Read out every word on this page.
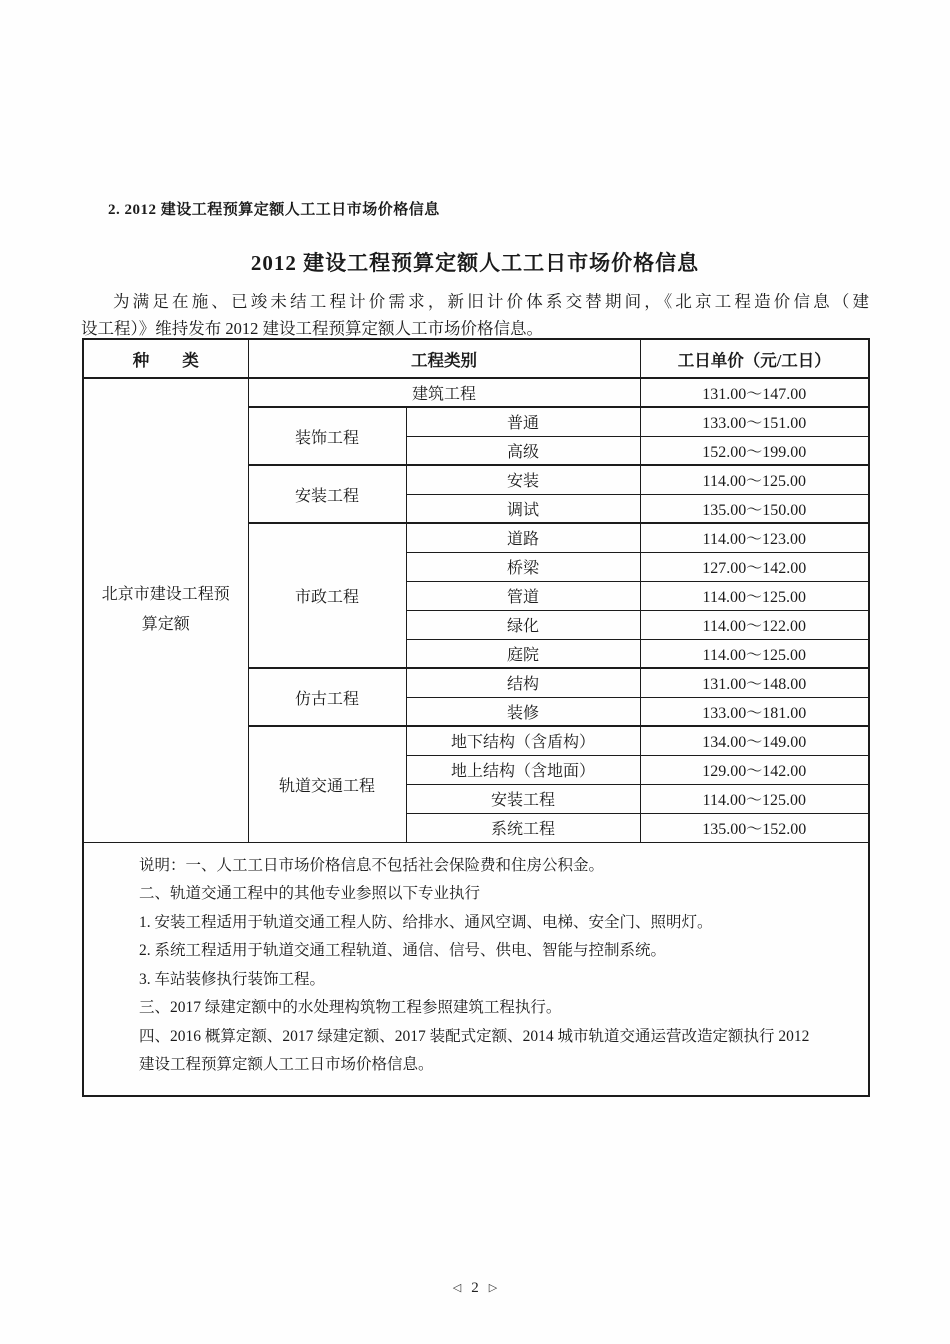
2. 2012 建设工程预算定额人工工日市场价格信息
2012 建设工程预算定额人工工日市场价格信息
为满足在施、已竣未结工程计价需求，新旧计价体系交替期间，《北京工程造价信息（建
设工程）》维持发布 2012 建设工程预算定额人工市场价格信息。
种　　类	工程类别		工日单价（元/工日）
北京市建设工程预算定额	建筑工程		131.00～147.00
	装饰工程	普通	133.00～151.00
		高级	152.00～199.00
	安装工程	安装	114.00～125.00
		调试	135.00～150.00
	市政工程	道路	114.00～123.00
		桥梁	127.00～142.00
		管道	114.00～125.00
		绿化	114.00～122.00
		庭院	114.00～125.00
	仿古工程	结构	131.00～148.00
		装修	133.00～181.00
	轨道交通工程	地下结构（含盾构）	134.00～149.00
		地上结构（含地面）	129.00～142.00
		安装工程	114.00～125.00
		系统工程	135.00～152.00

说明：一、人工工日市场价格信息不包括社会保险费和住房公积金。
二、轨道交通工程中的其他专业参照以下专业执行
1. 安装工程适用于轨道交通工程人防、给排水、通风空调、电梯、安全门、照明灯。
2. 系统工程适用于轨道交通工程轨道、通信、信号、供电、智能与控制系统。
3. 车站装修执行装饰工程。
三、2017 绿建定额中的水处理构筑物工程参照建筑工程执行。
四、2016 概算定额、2017 绿建定额、2017 装配式定额、2014 城市轨道交通运营改造定额执行 2012
建设工程预算定额人工工日市场价格信息。
◁ 2 ▷
